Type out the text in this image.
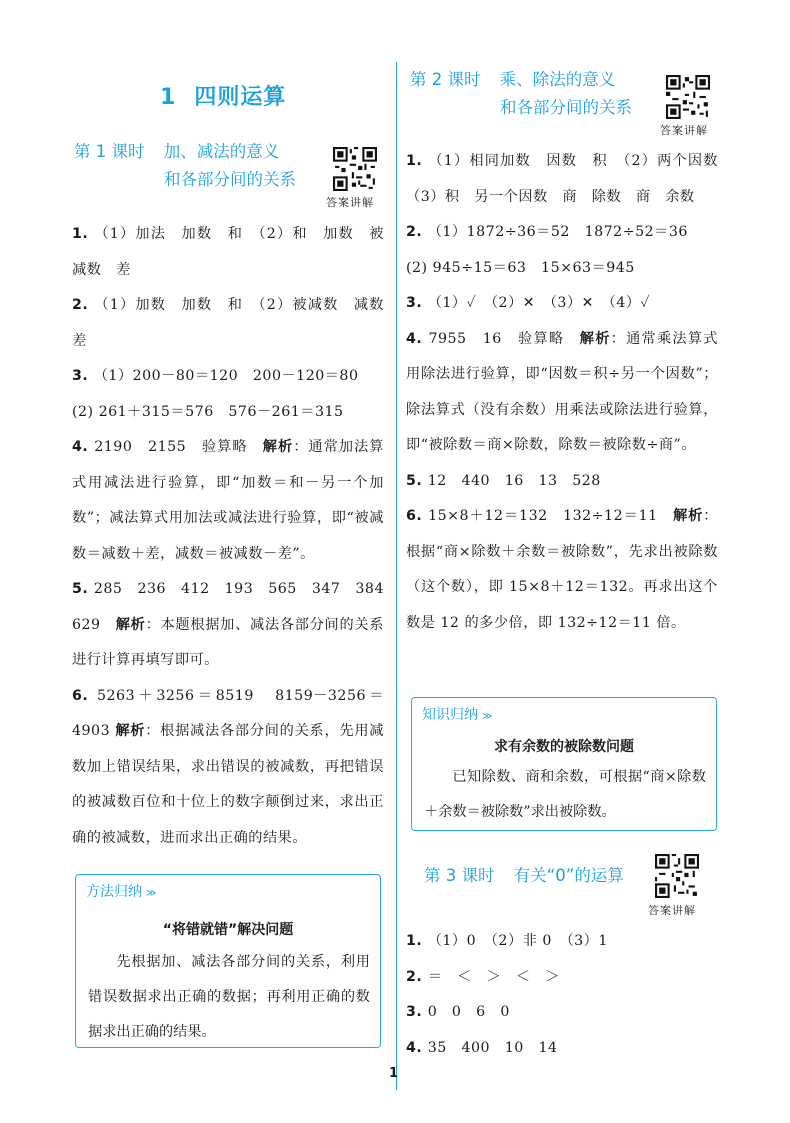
1 四则运算
第 1 课时 加、减法的意义
和各部分间的关系
答案讲解

1. （1）加法　加数　和　（2）和　加数　被减数　差

2. （1）加数　加数　和　（2）被减数　减数　差

3. （1）200－80＝120　200－120＝80

(2) 261＋315＝576　576－261＝315

4. 2190　2155　验算略　解析：通常加法算式用减法进行验算，即“加数＝和－另一个加数”；减法算式用加法或减法进行验算，即“被减数＝减数＋差，减数＝被减数－差”。

5. 285　236　412　193　565　347　384　629　解析：本题根据加、减法各部分间的关系进行计算再填写即可。

6. 5263＋3256＝8519　8159－3256＝4903 解析：根据减法各部分间的关系，先用减数加上错误结果，求出错误的被减数，再把错误的被减数百位和十位上的数字颠倒过来，求出正确的被减数，进而求出正确的结果。

方法归纳 ≫
“将错就错”解决问题

先根据加、减法各部分间的关系，利用错误数据求出正确的数据；再利用正确的数据求出正确的结果。

第 2 课时 乘、除法的意义
和各部分间的关系
答案讲解

1. （1）相同加数　因数　积　（2）两个因数　（3）积　另一个因数　商　除数　商　余数

2. （1）1872÷36＝52　1872÷52＝36

(2) 945÷15＝63　15×63＝945

3. （1）✓　（2）✕　（3）✕　（4）✓

4. 7955　16　验算略　解析：通常乘法算式用除法进行验算，即“因数＝积÷另一个因数”；除法算式（没有余数）用乘法或除法进行验算，即“被除数＝商×除数，除数＝被除数÷商”。

5. 12　440　16　13　528

6. 15×8＋12＝132　132÷12＝11　解析：根据“商×除数＋余数＝被除数”，先求出被除数（这个数），即 15×8＋12＝132。再求出这个数是 12 的多少倍，即 132÷12＝11 倍。

知识归纳 ≫
求有余数的被除数问题

已知除数、商和余数，可根据“商×除数＋余数＝被除数”求出被除数。

第 3 课时 有关“0”的运算
答案讲解

1. （1）0　（2）非 0　（3）1

2. ＝　＜　＞　＜　＞

3. 0　0　6　0

4. 35　400　10　14

1
